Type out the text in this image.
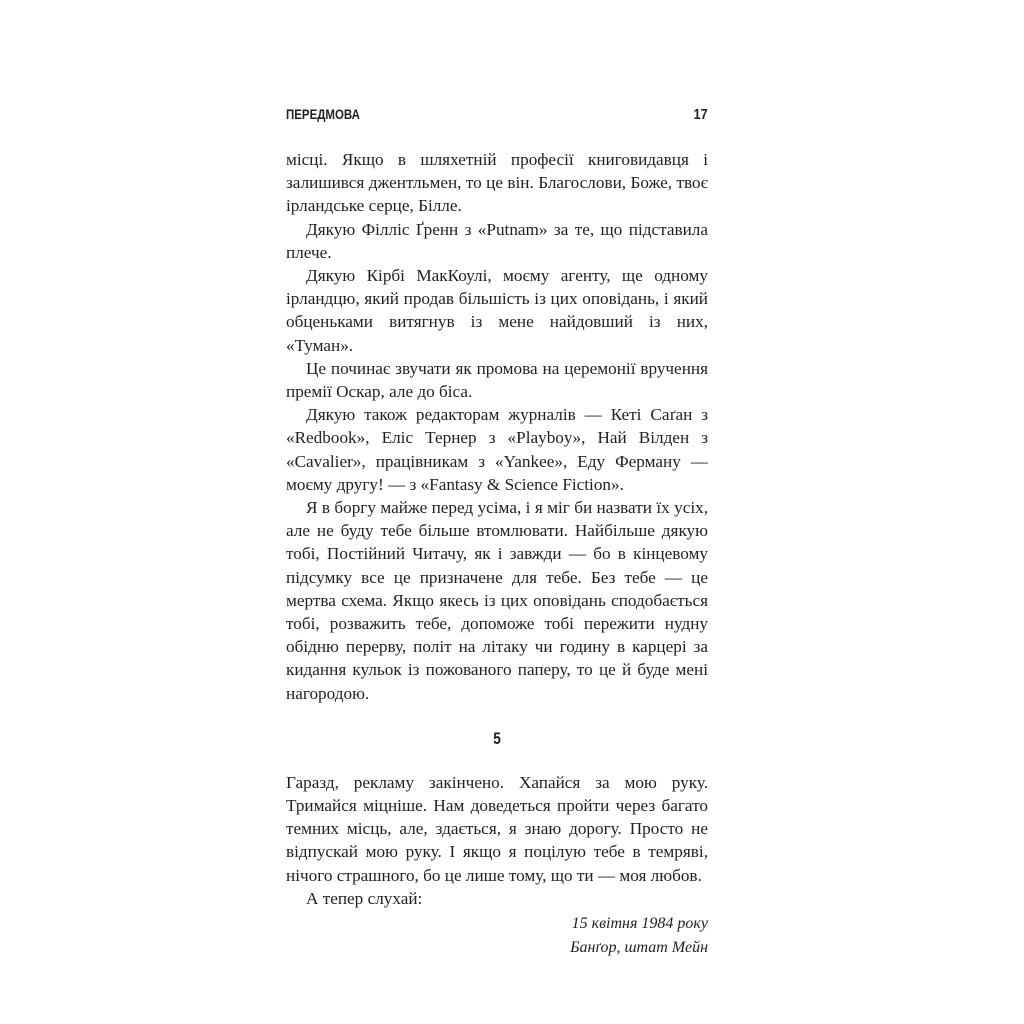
ПЕРЕДМОВА	17

місці. Якщо в шляхетній професії книговидавця і залишився джентльмен, то це він. Благослови, Боже, твоє ірландське серце, Білле.

Дякую Філліс Ґренн з «Putnam» за те, що підставила плече.

Дякую Кірбі МакКоулі, моєму агенту, ще одному ірландцю, який продав більшість із цих оповідань, і який обценьками витягнув із мене найдовший із них, «Туман».

Це починає звучати як промова на церемонії вручення премії Оскар, але до біса.

Дякую також редакторам журналів — Кеті Саґан з «Redbook», Еліс Тернер з «Playboy», Най Вілден з «Cavalier», працівникам з «Yankee», Еду Ферману — моєму другу! — з «Fantasy & Science Fiction».

Я в боргу майже перед усіма, і я міг би назвати їх усіх, але не буду тебе більше втомлювати. Найбільше дякую тобі, Постійний Читачу, як і завжди — бо в кінцевому підсумку все це призначене для тебе. Без тебе — це мертва схема. Якщо якесь із цих оповідань сподобається тобі, розважить тебе, допоможе тобі пережити нудну обідню перерву, політ на літаку чи годину в карцері за кидання кульок із пожованого паперу, то це й буде мені нагородою.

5

Гаразд, рекламу закінчено. Хапайся за мою руку. Тримайся міцніше. Нам доведеться пройти через багато темних місць, але, здається, я знаю дорогу. Просто не відпускай мою руку. І якщо я поцілую тебе в темряві, нічого страшного, бо це лише тому, що ти — моя любов.

А тепер слухай:

15 квітня 1984 року
Банґор, штат Мейн
